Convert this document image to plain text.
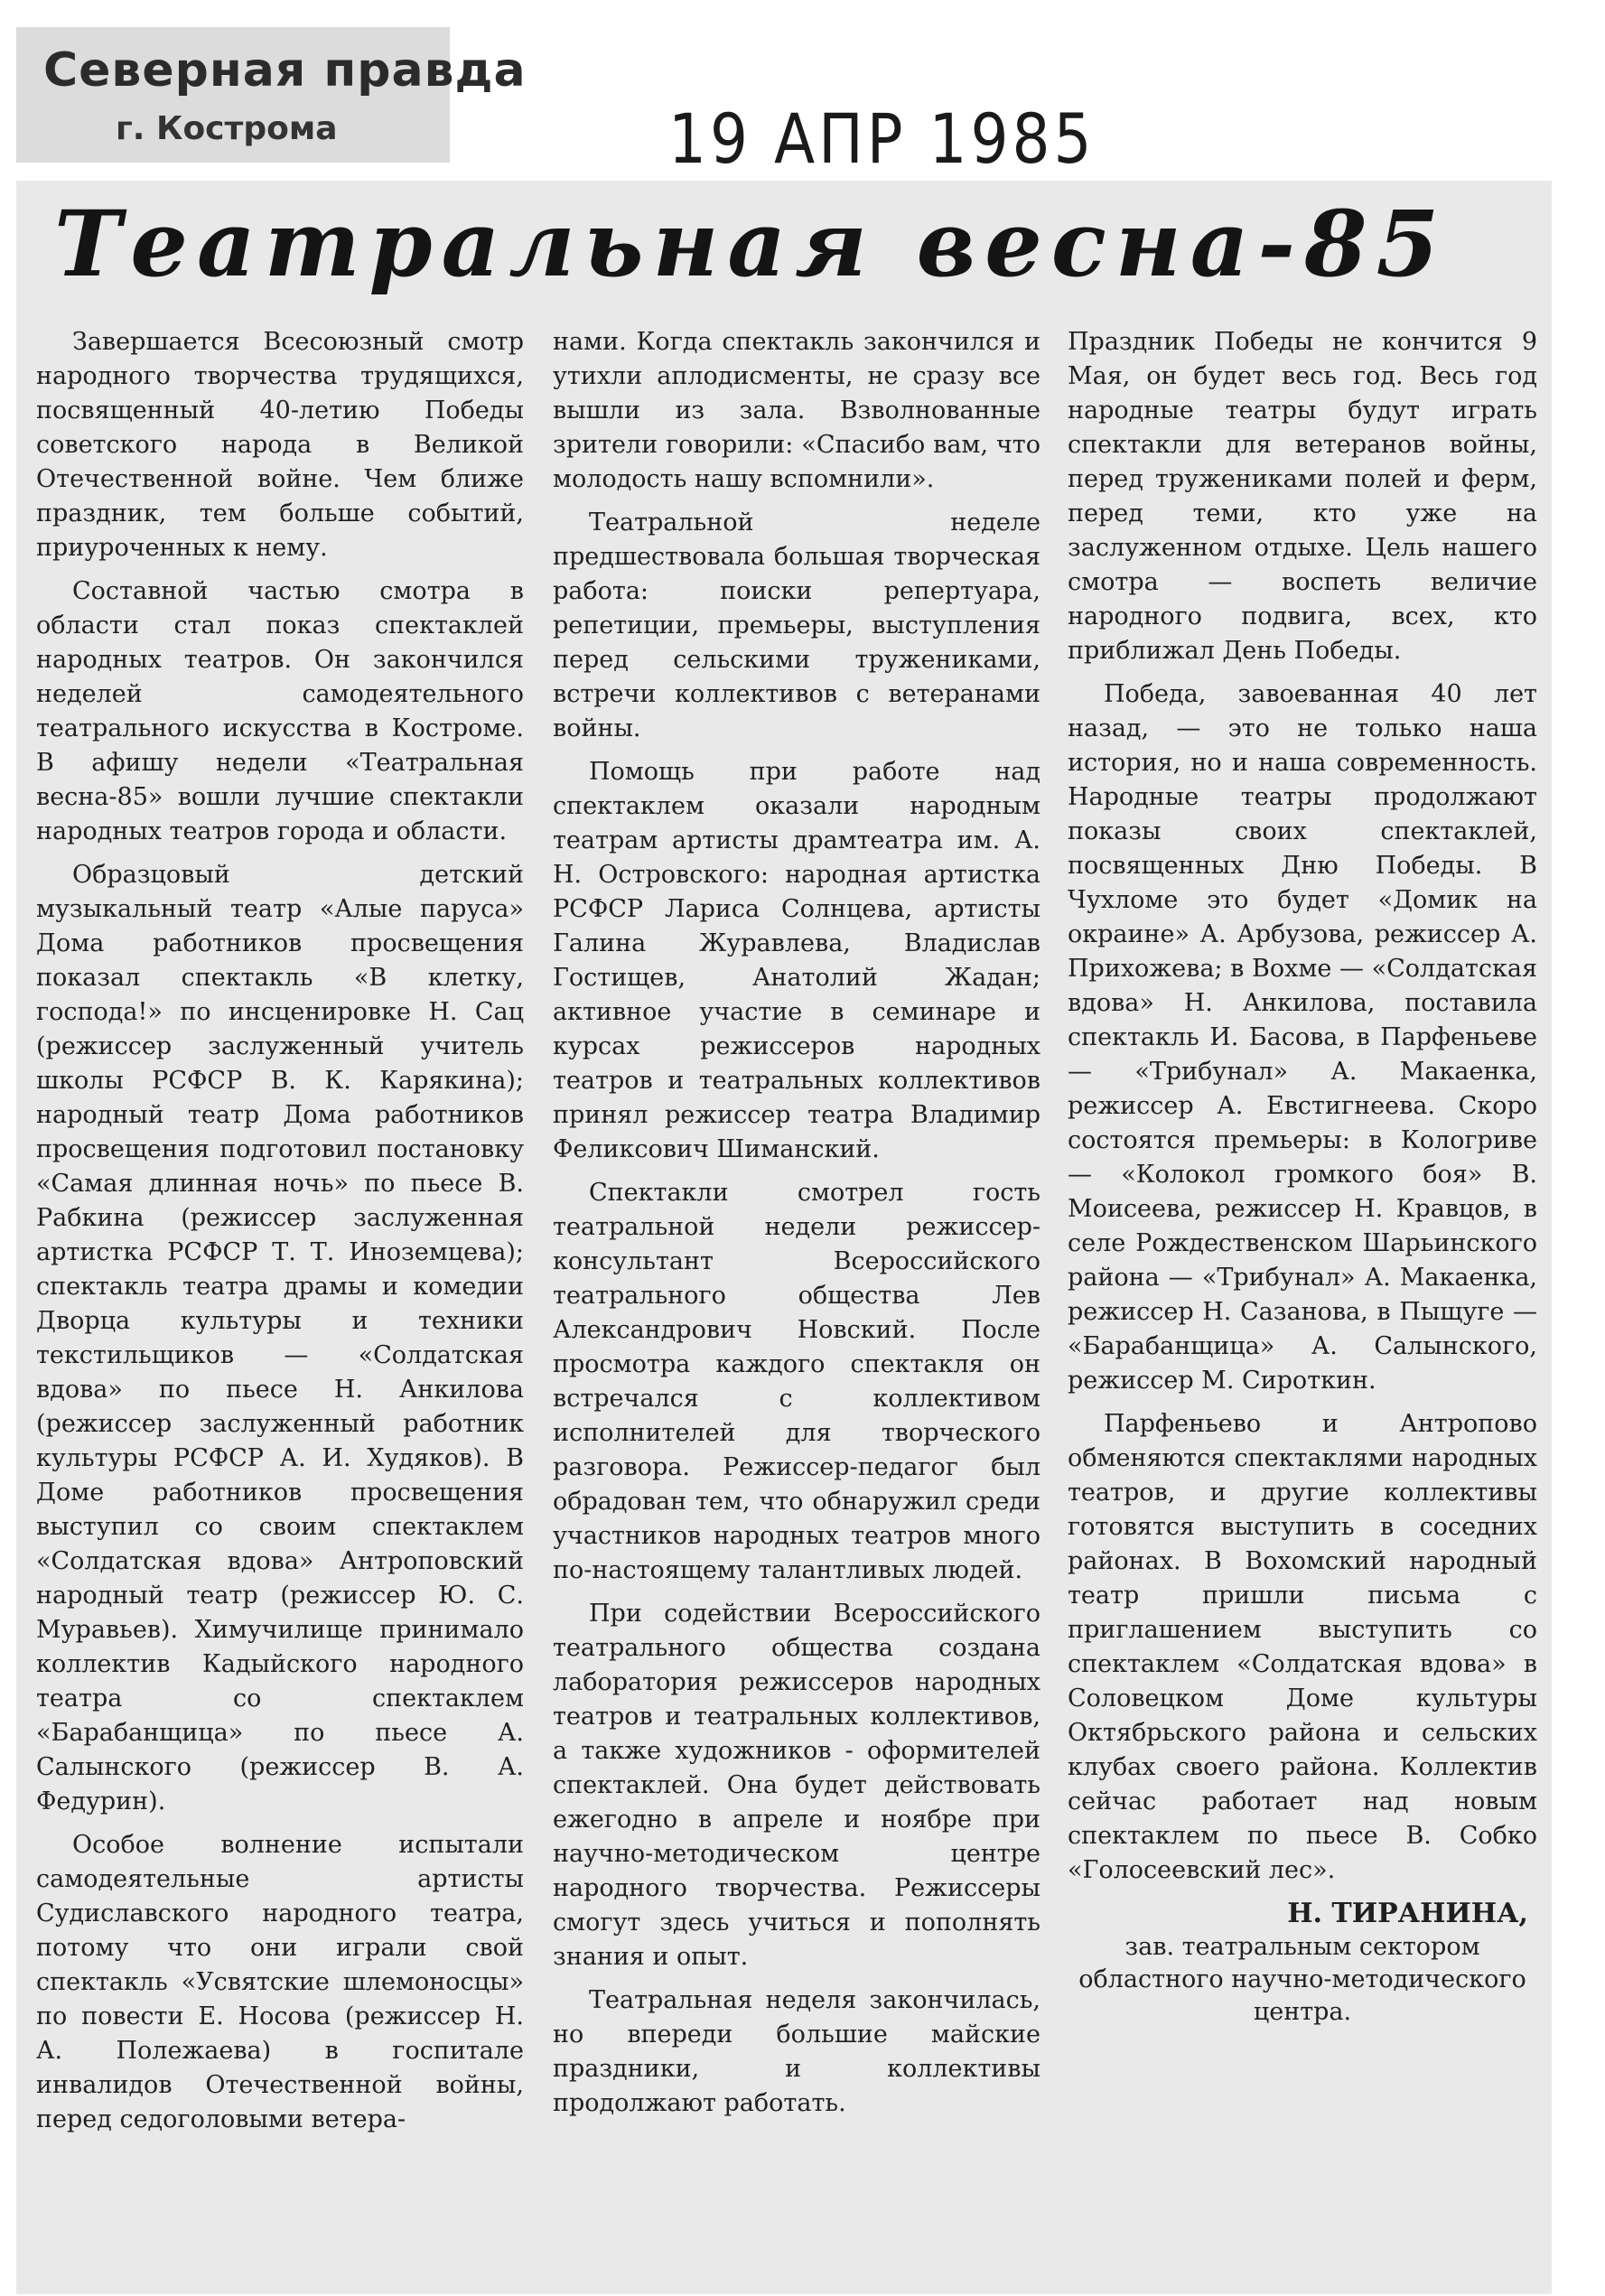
Северная правда
г. Кострома	19 АПР 1985
Театральная весна-85

Завершается Всесоюзный смотр народного творчества трудящихся, посвященный 40-летию Победы советского народа в Великой Отечественной войне. Чем ближе праздник, тем больше событий, приуроченных к нему.

Составной частью смотра в области стал показ спектаклей народных театров. Он закончился неделей самодеятельного театрального искусства в Костроме. В афишу недели «Театральная весна-85» вошли лучшие спектакли народных театров города и области.

Образцовый детский музыкальный театр «Алые паруса» Дома работников просвещения показал спектакль «В клетку, господа!» по инсценировке Н. Сац (режиссер заслуженный учитель школы РСФСР В. К. Карякина); народный театр Дома работников просвещения подготовил постановку «Самая длинная ночь» по пьесе В. Рабкина (режиссер заслуженная артистка РСФСР Т. Т. Иноземцева); спектакль театра драмы и комедии Дворца культуры и техники текстильщиков — «Солдатская вдова» по пьесе Н. Анкилова (режиссер заслуженный работник культуры РСФСР А. И. Худяков). В Доме работников просвещения выступил со своим спектаклем «Солдатская вдова» Антроповский народный театр (режиссер Ю. С. Муравьев). Химучилище принимало коллектив Кадыйского народного театра со спектаклем «Барабанщица» по пьесе А. Салынского (режиссер В. А. Федурин).

Особое волнение испытали самодеятельные артисты Судиславского народного театра, потому что они играли свой спектакль «Усвятские шлемоносцы» по повести Е. Носова (режиссер Н. А. Полежаева) в госпитале инвалидов Отечественной войны, перед седоголовыми ветера-

нами. Когда спектакль закончился и утихли аплодисменты, не сразу все вышли из зала. Взволнованные зрители говорили: «Спасибо вам, что молодость нашу вспомнили».

Театральной неделе предшествовала большая творческая работа: поиски репертуара, репетиции, премьеры, выступления перед сельскими тружениками, встречи коллективов с ветеранами войны.

Помощь при работе над спектаклем оказали народным театрам артисты драмтеатра им. А. Н. Островского: народная артистка РСФСР Лариса Солнцева, артисты Галина Журавлева, Владислав Гостищев, Анатолий Жадан; активное участие в семинаре и курсах режиссеров народных театров и театральных коллективов принял режиссер театра Владимир Феликсович Шиманский.

Спектакли смотрел гость театральной недели режиссер-консультант Всероссийского театрального общества Лев Александрович Новский. После просмотра каждого спектакля он встречался с коллективом исполнителей для творческого разговора. Режиссер-педагог был обрадован тем, что обнаружил среди участников народных театров много по-настоящему талантливых людей.

При содействии Всероссийского театрального общества создана лаборатория режиссеров народных театров и театральных коллективов, а также художников - оформителей спектаклей. Она будет действовать ежегодно в апреле и ноябре при научно-методическом центре народного творчества. Режиссеры смогут здесь учиться и пополнять знания и опыт.

Театральная неделя закончилась, но впереди большие майские праздники, и коллективы продолжают работать.

Праздник Победы не кончится 9 Мая, он будет весь год. Весь год народные театры будут играть спектакли для ветеранов войны, перед тружениками полей и ферм, перед теми, кто уже на заслуженном отдыхе. Цель нашего смотра — воспеть величие народного подвига, всех, кто приближал День Победы.

Победа, завоеванная 40 лет назад, — это не только наша история, но и наша современность. Народные театры продолжают показы своих спектаклей, посвященных Дню Победы. В Чухломе это будет «Домик на окраине» А. Арбузова, режиссер А. Прихожева; в Вохме — «Солдатская вдова» Н. Анкилова, поставила спектакль И. Басова, в Парфеньеве — «Трибунал» А. Макаенка, режиссер А. Евстигнеева. Скоро состоятся премьеры: в Кологриве — «Колокол громкого боя» В. Моисеева, режиссер Н. Кравцов, в селе Рождественском Шарьинского района — «Трибунал» А. Макаенка, режиссер Н. Сазанова, в Пыщуге — «Барабанщица» А. Салынского, режиссер М. Сироткин.

Парфеньево и Антропово обменяются спектаклями народных театров, и другие коллективы готовятся выступить в соседних районах. В Вохомский народный театр пришли письма с приглашением выступить со спектаклем «Солдатская вдова» в Соловецком Доме культуры Октябрьского района и сельских клубах своего района. Коллектив сейчас работает над новым спектаклем по пьесе В. Собко «Голосеевский лес».

Н. ТИРАНИНА,
зав. театральным сектором областного научно-методического центра.
